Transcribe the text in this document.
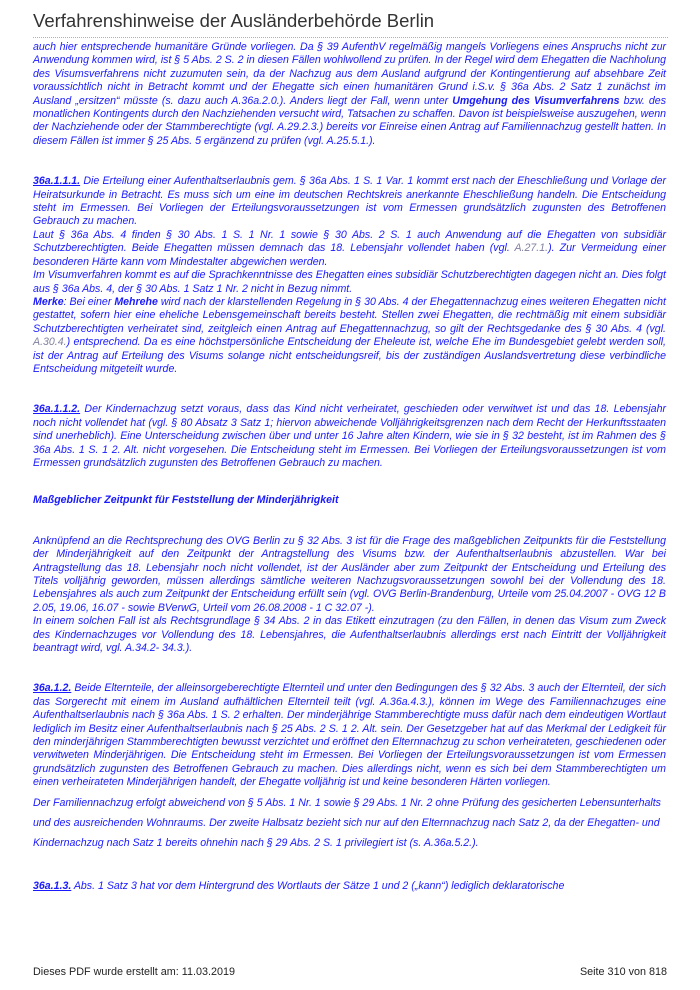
Verfahrenshinweise der Ausländerbehörde Berlin

auch hier entsprechende humanitäre Gründe vorliegen. Da § 39 AufenthV regelmäßig mangels Vorliegens eines Anspruchs nicht zur Anwendung kommen wird, ist § 5 Abs. 2 S. 2 in diesen Fällen wohlwollend zu prüfen. In der Regel wird dem Ehegatten die Nachholung des Visumsverfahrens nicht zuzumuten sein, da der Nachzug aus dem Ausland aufgrund der Kontingentierung auf absehbare Zeit voraussichtlich nicht in Betracht kommt und der Ehegatte sich einen humanitären Grund i.S.v. § 36a Abs. 2 Satz 1 zunächst im Ausland „ersitzen“ müsste (s. dazu auch A.36a.2.0.). Anders liegt der Fall, wenn unter Umgehung des Visumverfahrens bzw. des monatlichen Kontingents durch den Nachziehenden versucht wird, Tatsachen zu schaffen. Davon ist beispielsweise auszugehen, wenn der Nachziehende oder der Stammberechtigte (vgl. A.29.2.3.) bereits vor Einreise einen Antrag auf Familiennachzug gestellt hatten. In diesem Fällen ist immer § 25 Abs. 5 ergänzend zu prüfen (vgl. A.25.5.1.).

36a.1.1.1. Die Erteilung einer Aufenthaltserlaubnis gem. § 36a Abs. 1 S. 1 Var. 1 kommt erst nach der Eheschließung und Vorlage der Heiratsurkunde in Betracht. Es muss sich um eine im deutschen Rechtskreis anerkannte Eheschließung handeln. Die Entscheidung steht im Ermessen. Bei Vorliegen der Erteilungsvoraussetzungen ist vom Ermessen grundsätzlich zugunsten des Betroffenen Gebrauch zu machen.

Laut § 36a Abs. 4 finden § 30 Abs. 1 S. 1 Nr. 1 sowie § 30 Abs. 2 S. 1 auch Anwendung auf die Ehegatten von subsidiär Schutzberechtigten. Beide Ehegatten müssen demnach das 18. Lebensjahr vollendet haben (vgl. A.27.1.). Zur Vermeidung einer besonderen Härte kann vom Mindestalter abgewichen werden.

Im Visumverfahren kommt es auf die Sprachkenntnisse des Ehegatten eines subsidiär Schutzberechtigten dagegen nicht an. Dies folgt aus § 36a Abs. 4, der § 30 Abs. 1 Satz 1 Nr. 2 nicht in Bezug nimmt.

Merke: Bei einer Mehrehe wird nach der klarstellenden Regelung in § 30 Abs. 4 der Ehegattennachzug eines weiteren Ehegatten nicht gestattet, sofern hier eine eheliche Lebensgemeinschaft bereits besteht. Stellen zwei Ehegatten, die rechtmäßig mit einem subsidiär Schutzberechtigten verheiratet sind, zeitgleich einen Antrag auf Ehegattennachzug, so gilt der Rechtsgedanke des § 30 Abs. 4 (vgl. A.30.4.) entsprechend. Da es eine höchstpersönliche Entscheidung der Eheleute ist, welche Ehe im Bundesgebiet gelebt werden soll, ist der Antrag auf Erteilung des Visums solange nicht entscheidungsreif, bis der zuständigen Auslandsvertretung diese verbindliche Entscheidung mitgeteilt wurde.

36a.1.1.2. Der Kindernachzug setzt voraus, dass das Kind nicht verheiratet, geschieden oder verwitwet ist und das 18. Lebensjahr noch nicht vollendet hat (vgl. § 80 Absatz 3 Satz 1; hiervon abweichende Volljährigkeitsgrenzen nach dem Recht der Herkunftsstaaten sind unerheblich). Eine Unterscheidung zwischen über und unter 16 Jahre alten Kindern, wie sie in § 32 besteht, ist im Rahmen des § 36a Abs. 1 S. 1 2. Alt. nicht vorgesehen. Die Entscheidung steht im Ermessen. Bei Vorliegen der Erteilungsvoraussetzungen ist vom Ermessen grundsätzlich zugunsten des Betroffenen Gebrauch zu machen.

Maßgeblicher Zeitpunkt für Feststellung der Minderjährigkeit

Anknüpfend an die Rechtsprechung des OVG Berlin zu § 32 Abs. 3 ist für die Frage des maßgeblichen Zeitpunkts für die Feststellung der Minderjährigkeit auf den Zeitpunkt der Antragstellung des Visums bzw. der Aufenthaltserlaubnis abzustellen. War bei Antragstellung das 18. Lebensjahr noch nicht vollendet, ist der Ausländer aber zum Zeitpunkt der Entscheidung und Erteilung des Titels volljährig geworden, müssen allerdings sämtliche weiteren Nachzugsvoraussetzungen sowohl bei der Vollendung des 18. Lebensjahres als auch zum Zeitpunkt der Entscheidung erfüllt sein (vgl. OVG Berlin-Brandenburg, Urteile vom 25.04.2007 - OVG 12 B 2.05, 19.06, 16.07 - sowie BVerwG, Urteil vom 26.08.2008 - 1 C 32.07 -).

In einem solchen Fall ist als Rechtsgrundlage § 34 Abs. 2 in das Etikett einzutragen (zu den Fällen, in denen das Visum zum Zweck des Kindernachzuges vor Vollendung des 18. Lebensjahres, die Aufenthaltserlaubnis allerdings erst nach Eintritt der Volljährigkeit beantragt wird, vgl. A.34.2- 34.3.).

36a.1.2. Beide Elternteile, der alleinsorgeberechtigte Elternteil und unter den Bedingungen des § 32 Abs. 3 auch der Elternteil, der sich das Sorgerecht mit einem im Ausland aufhältlichen Elternteil teilt (vgl. A.36a.4.3.), können im Wege des Familiennachzuges eine Aufenthaltserlaubnis nach § 36a Abs. 1 S. 2 erhalten. Der minderjährige Stammberechtigte muss dafür nach dem eindeutigen Wortlaut lediglich im Besitz einer Aufenthaltserlaubnis nach § 25 Abs. 2 S. 1 2. Alt. sein. Der Gesetzgeber hat auf das Merkmal der Ledigkeit für den minderjährigen Stammberechtigten bewusst verzichtet und eröffnet den Elternnachzug zu schon verheirateten, geschiedenen oder verwitweten Minderjährigen. Die Entscheidung steht im Ermessen. Bei Vorliegen der Erteilungsvoraussetzungen ist vom Ermessen grundsätzlich zugunsten des Betroffenen Gebrauch zu machen. Dies allerdings nicht, wenn es sich bei dem Stammberechtigten um einen verheirateten Minderjährigen handelt, der Ehegatte volljährig ist und keine besonderen Härten vorliegen.

Der Familiennachzug erfolgt abweichend von § 5 Abs. 1 Nr. 1 sowie § 29 Abs. 1 Nr. 2 ohne Prüfung des gesicherten Lebensunterhalts und des ausreichenden Wohnraums. Der zweite Halbsatz bezieht sich nur auf den Elternnachzug nach Satz 2, da der Ehegatten- und Kindernachzug nach Satz 1 bereits ohnehin nach § 29 Abs. 2 S. 1 privilegiert ist (s. A.36a.5.2.).

36a.1.3. Abs. 1 Satz 3 hat vor dem Hintergrund des Wortlauts der Sätze 1 und 2 („kann“) lediglich deklaratorische

Dieses PDF wurde erstellt am: 11.03.2019	Seite 310 von 818
